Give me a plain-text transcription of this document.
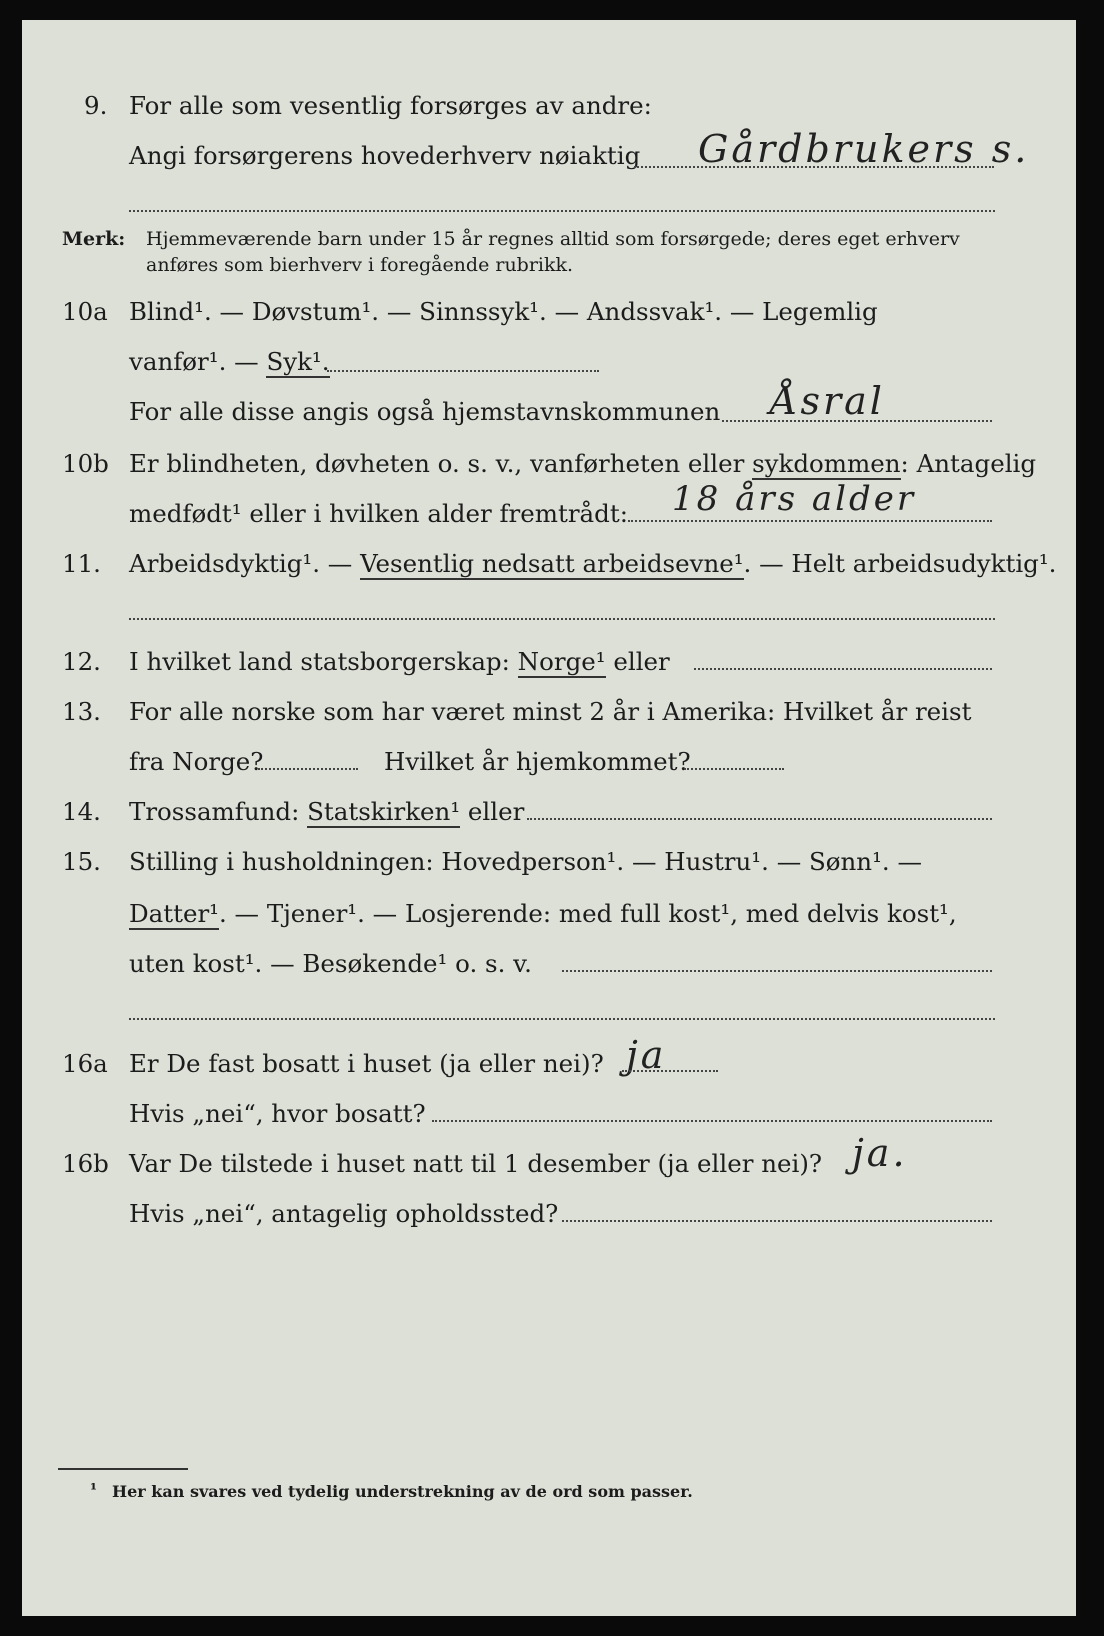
9. For alle som vesentlig forsørges av andre:
Angi forsørgerens hovederhverv nøiaktig Gårdbrukers s.
Merk: Hjemmeværende barn under 15 år regnes alltid som forsørgede; deres eget erhverv
anføres som bierhverv i foregående rubrikk.
10a Blind¹. — Døvstum¹. — Sinnssyk¹. — Andssvak¹. — Legemlig
vanfør¹. — Syk¹.
For alle disse angis også hjemstavnskommunen Åsral
10b Er blindheten, døvheten o. s. v., vanførheten eller sykdommen: Antagelig
medfødt¹ eller i hvilken alder fremtrådt: 18 års alder
11. Arbeidsdyktig¹. — Vesentlig nedsatt arbeidsevne¹. — Helt arbeidsudyktig¹.
12. I hvilket land statsborgerskap: Norge¹ eller
13. For alle norske som har været minst 2 år i Amerika: Hvilket år reist
fra Norge?	Hvilket år hjemkommet?
14. Trossamfund: Statskirken¹ eller
15. Stilling i husholdningen: Hovedperson¹. — Hustru¹. — Sønn¹. —
Datter¹. — Tjener¹. — Losjerende: med full kost¹, med delvis kost¹,
uten kost¹. — Besøkende¹ o. s. v.
16a Er De fast bosatt i huset (ja eller nei)? ja
Hvis „nei“, hvor bosatt?
16b Var De tilstede i huset natt til 1 desember (ja eller nei)? ja.
Hvis „nei“, antagelig opholdssted?
¹ Her kan svares ved tydelig understrekning av de ord som passer.
